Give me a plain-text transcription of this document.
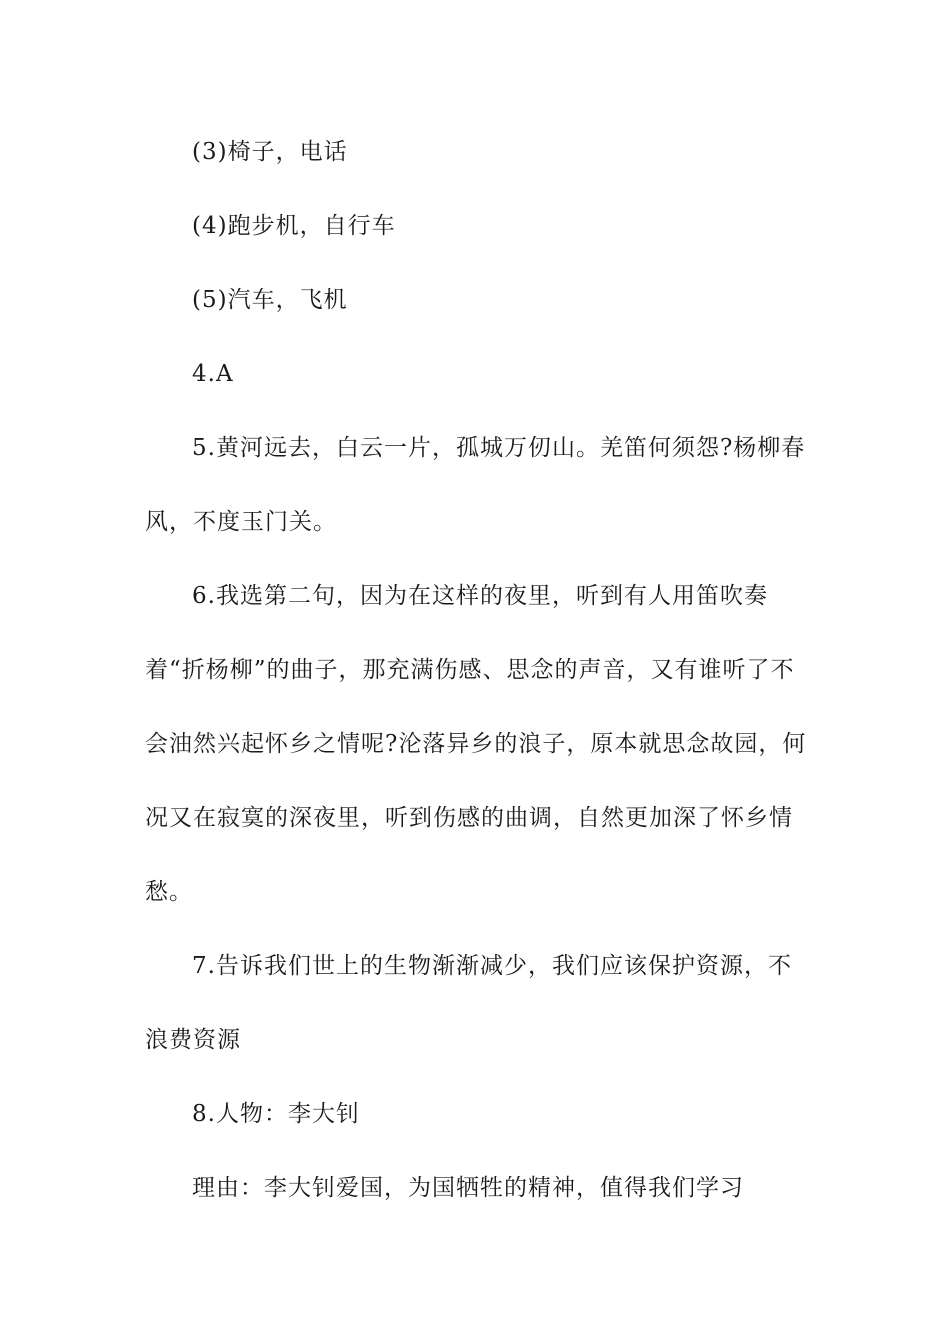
(3)椅子，电话

(4)跑步机，自行车

(5)汽车，飞机

4.A

5.黄河远去，白云一片，孤城万仞山。羌笛何须怨?杨柳春风，不度玉门关。

6.我选第二句，因为在这样的夜里，听到有人用笛吹奏着“折杨柳”的曲子，那充满伤感、思念的声音，又有谁听了不会油然兴起怀乡之情呢?沦落异乡的浪子，原本就思念故园，何况又在寂寞的深夜里，听到伤感的曲调，自然更加深了怀乡情愁。

7.告诉我们世上的生物渐渐减少，我们应该保护资源，不浪费资源

8.人物：李大钊

理由：李大钊爱国，为国牺牲的精神，值得我们学习
